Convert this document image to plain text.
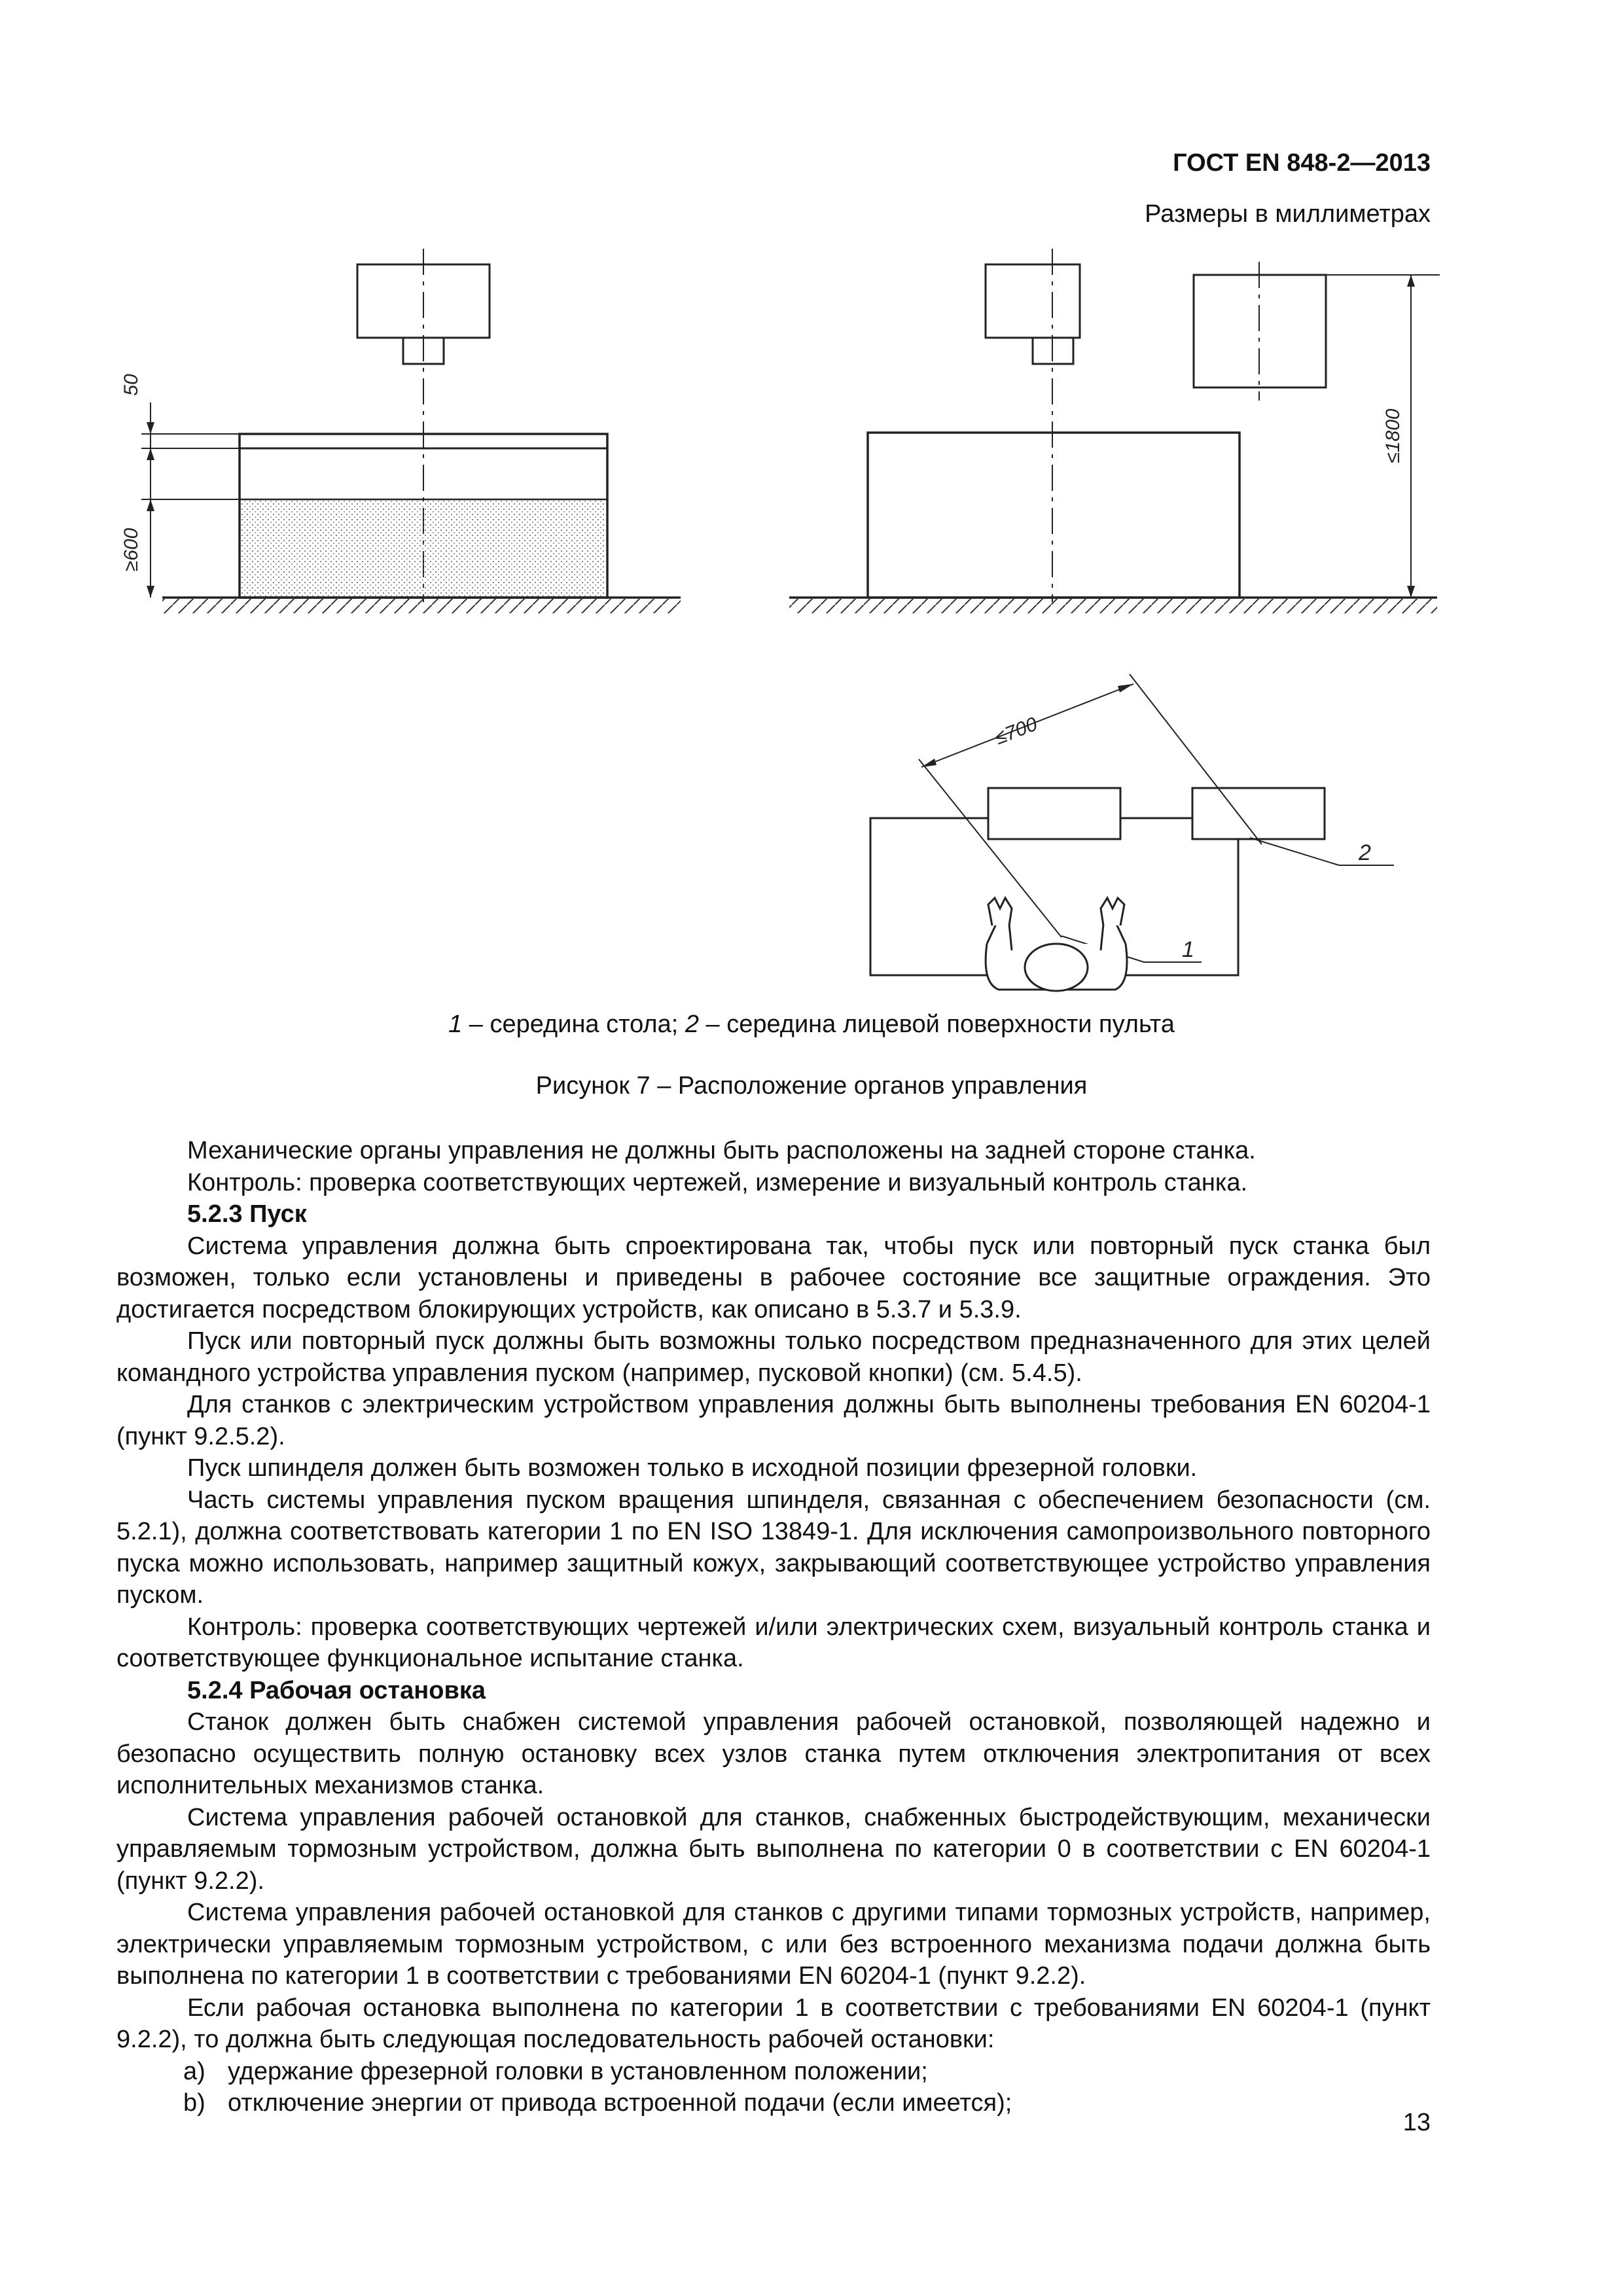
ГОСТ EN 848-2—2013
Размеры в миллиметрах
50
≥600
≤1800
≤700
2
1
1 – середина стола; 2 – середина лицевой поверхности пульта
Рисунок 7 – Расположение органов управления

Механические органы управления не должны быть расположены на задней стороне станка.

Контроль: проверка соответствующих чертежей, измерение и визуальный контроль станка.

5.2.3 Пуск

Система управления должна быть спроектирована так, чтобы пуск или повторный пуск станка был возможен, только если установлены и приведены в рабочее состояние все защитные ограждения. Это достигается посредством блокирующих устройств, как описано в 5.3.7 и 5.3.9.

Пуск или повторный пуск должны быть возможны только посредством предназначенного для этих целей командного устройства управления пуском (например, пусковой кнопки) (см. 5.4.5).

Для станков с электрическим устройством управления должны быть выполнены требования EN 60204-1 (пункт 9.2.5.2).

Пуск шпинделя должен быть возможен только в исходной позиции фрезерной головки.

Часть системы управления пуском вращения шпинделя, связанная с обеспечением безопасности (см. 5.2.1), должна соответствовать категории 1 по EN ISO 13849-1. Для исключения самопроизвольного повторного пуска можно использовать, например защитный кожух, закрывающий соответствующее устройство управления пуском.

Контроль: проверка соответствующих чертежей и/или электрических схем, визуальный контроль станка и соответствующее функциональное испытание станка.

5.2.4 Рабочая остановка

Станок должен быть снабжен системой управления рабочей остановкой, позволяющей надежно и безопасно осуществить полную остановку всех узлов станка путем отключения электропитания от всех исполнительных механизмов станка.

Система управления рабочей остановкой для станков, снабженных быстродействующим, механически управляемым тормозным устройством, должна быть выполнена по категории 0 в соответствии с EN 60204-1 (пункт 9.2.2).

Система управления рабочей остановкой для станков с другими типами тормозных устройств, например, электрически управляемым тормозным устройством, с или без встроенного механизма подачи должна быть выполнена по категории 1 в соответствии с требованиями EN 60204-1 (пункт 9.2.2).

Если рабочая остановка выполнена по категории 1 в соответствии с требованиями EN 60204-1 (пункт 9.2.2), то должна быть следующая последовательность рабочей остановки:

a) удержание фрезерной головки в установленном положении;

b) отключение энергии от привода встроенной подачи (если имеется);

13
